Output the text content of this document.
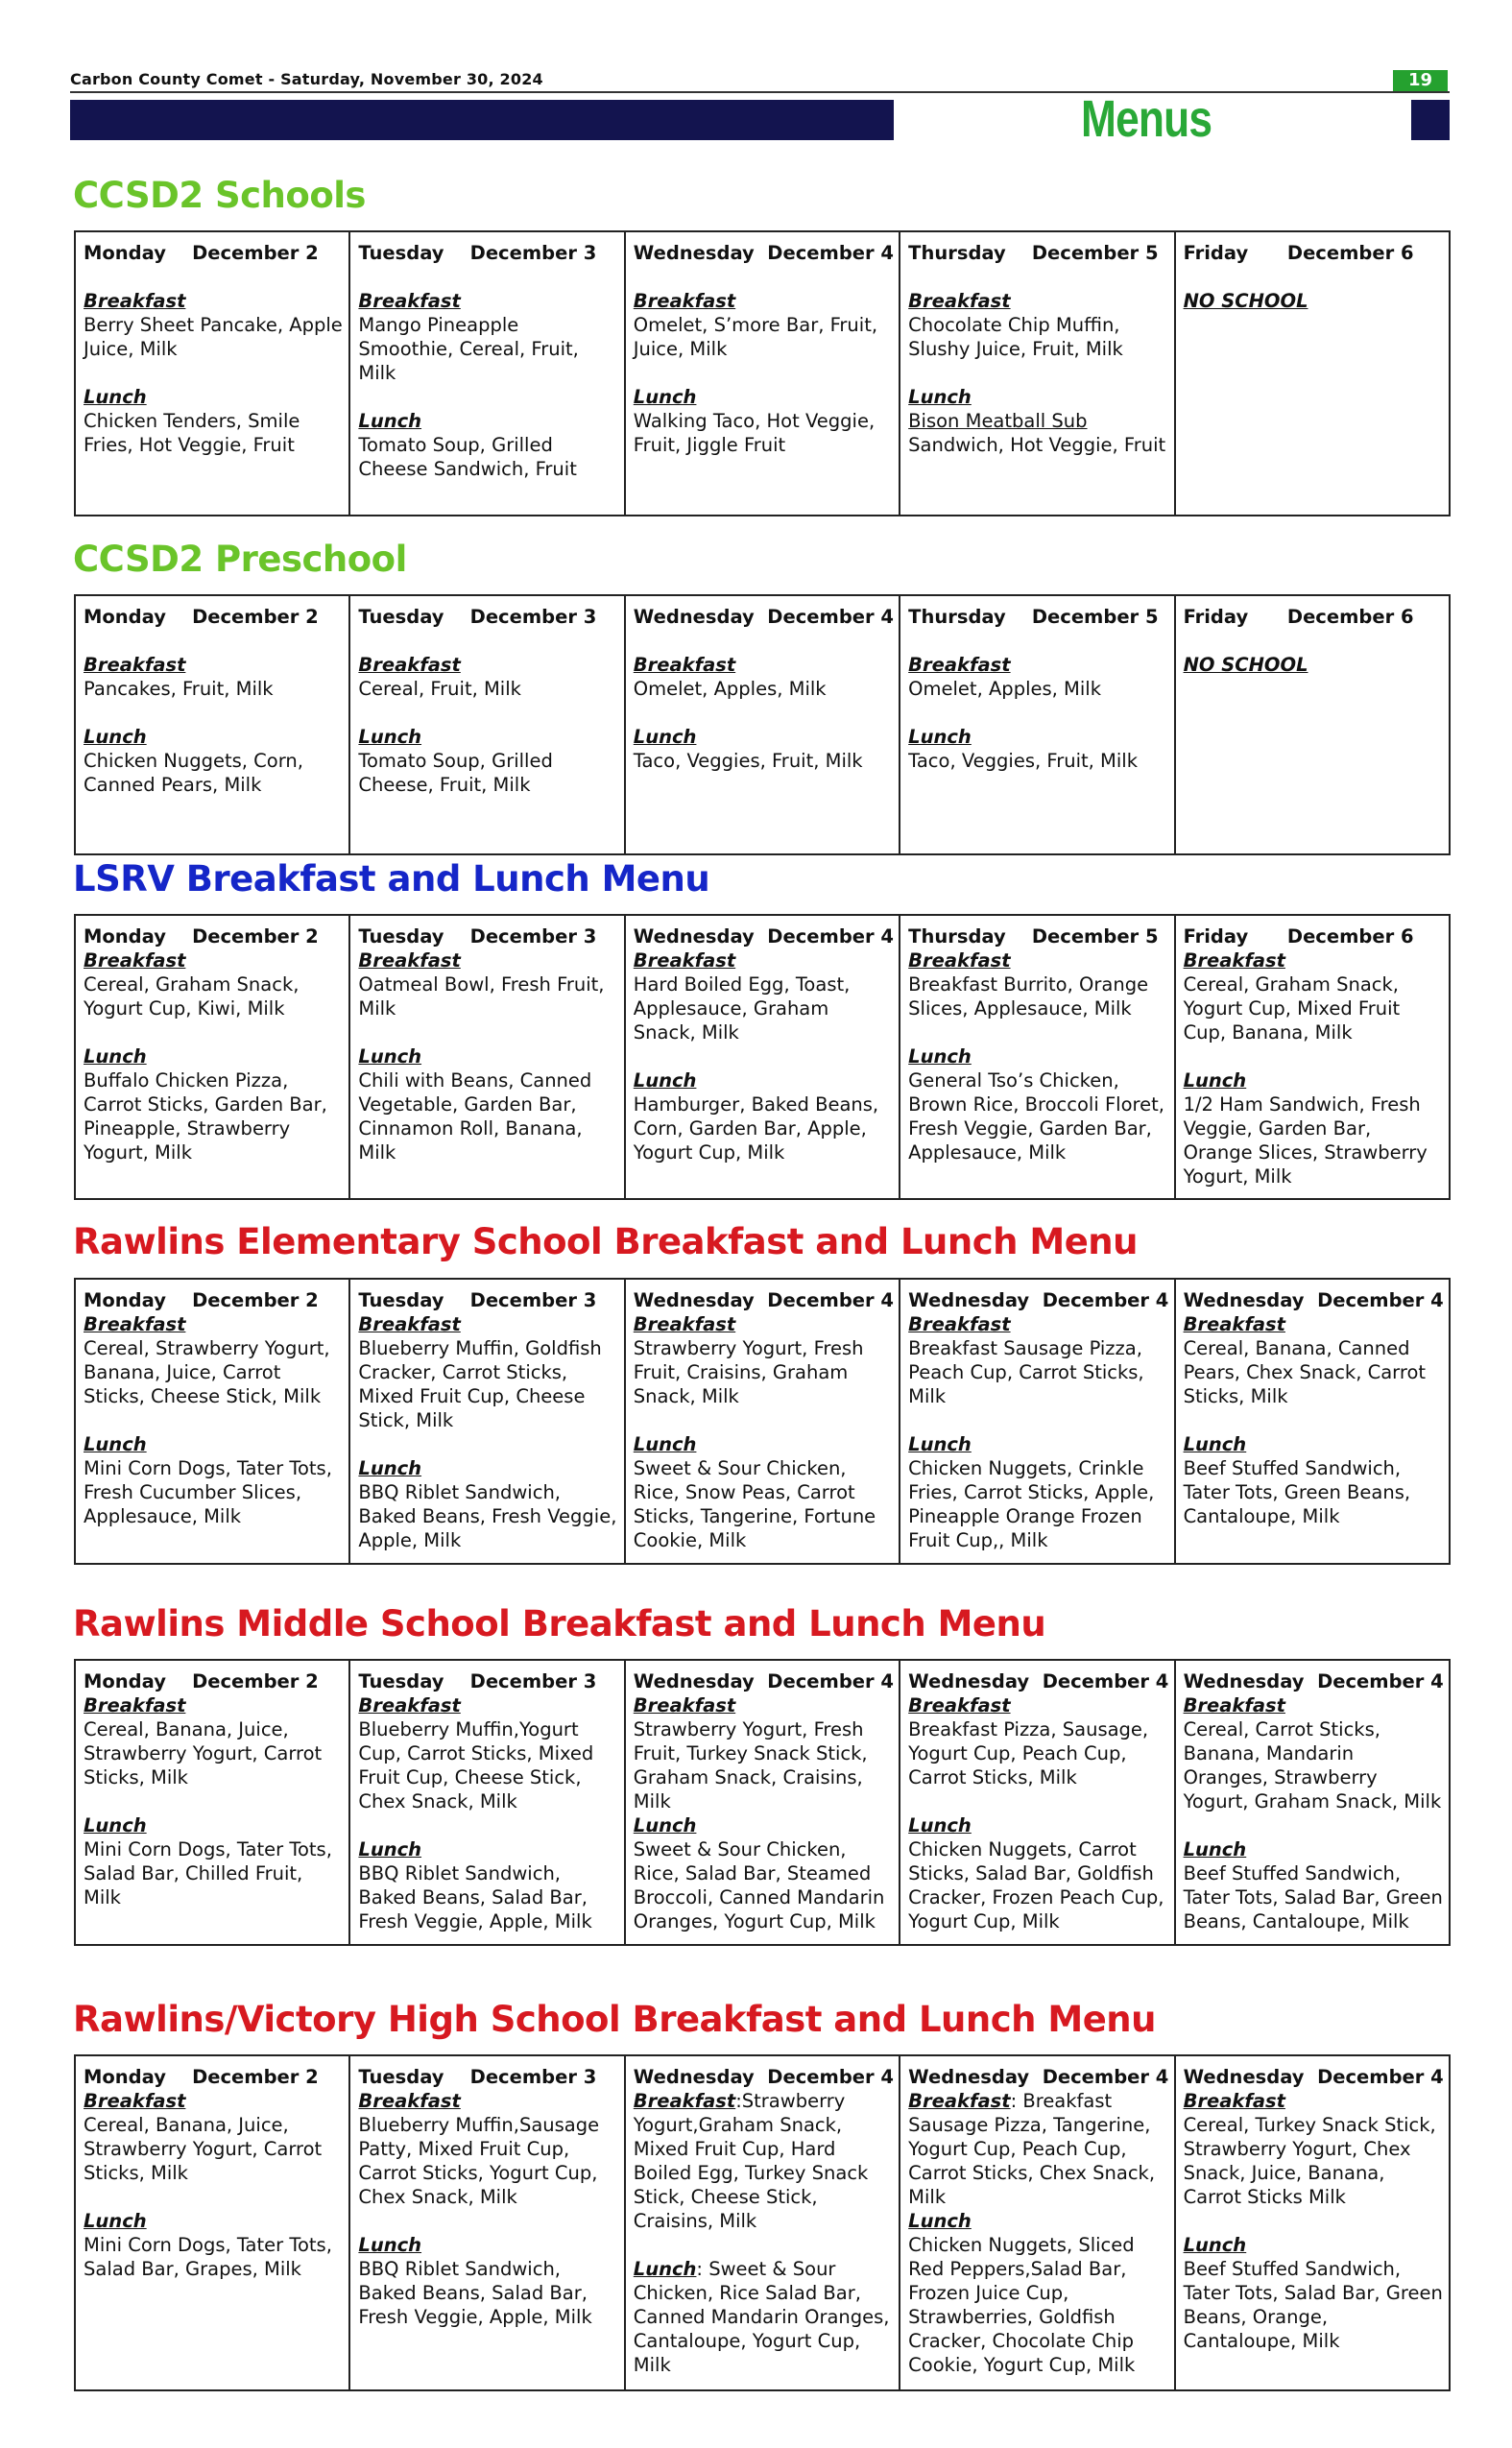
Carbon County Comet - Saturday, November 30, 2024	19
Menus
CCSD2 Schools
Monday    December 2
Breakfast
Berry Sheet Pancake, Apple Juice, Milk
Lunch
Chicken Tenders, Smile Fries, Hot Veggie, Fruit

Tuesday    December 3
Breakfast
Mango Pineapple Smoothie, Cereal, Fruit, Milk
Lunch
Tomato Soup, Grilled Cheese Sandwich, Fruit

Wednesday  December 4
Breakfast
Omelet, S’more Bar, Fruit, Juice, Milk
Lunch
Walking Taco, Hot Veggie, Fruit, Jiggle Fruit

Thursday    December 5
Breakfast
Chocolate Chip Muffin, Slushy Juice, Fruit, Milk
Lunch
Bison Meatball Sub
Sandwich, Hot Veggie, Fruit

Friday      December 6
NO SCHOOL
CCSD2 Preschool
Monday    December 2
Breakfast
Pancakes, Fruit, Milk
Lunch
Chicken Nuggets, Corn, Canned Pears, Milk

Tuesday    December 3
Breakfast
Cereal, Fruit, Milk
Lunch
Tomato Soup, Grilled Cheese, Fruit, Milk

Wednesday  December 4
Breakfast
Omelet, Apples, Milk
Lunch
Taco, Veggies, Fruit, Milk

Thursday    December 5
Breakfast
Omelet, Apples, Milk
Lunch
Taco, Veggies, Fruit, Milk

Friday      December 6
NO SCHOOL
LSRV Breakfast and Lunch Menu
Monday    December 2
Breakfast
Cereal, Graham Snack, Yogurt Cup, Kiwi, Milk
Lunch
Buffalo Chicken Pizza, Carrot Sticks, Garden Bar, Pineapple, Strawberry Yogurt, Milk

Tuesday    December 3
Breakfast
Oatmeal Bowl, Fresh Fruit, Milk
Lunch
Chili with Beans, Canned Vegetable, Garden Bar, Cinnamon Roll, Banana, Milk

Wednesday  December 4
Breakfast
Hard Boiled Egg, Toast, Applesauce, Graham Snack, Milk
Lunch
Hamburger, Baked Beans, Corn, Garden Bar, Apple, Yogurt Cup, Milk

Thursday    December 5
Breakfast
Breakfast Burrito, Orange Slices, Applesauce, Milk
Lunch
General Tso’s Chicken, Brown Rice, Broccoli Floret, Fresh Veggie, Garden Bar, Applesauce, Milk

Friday      December 6
Breakfast
Cereal, Graham Snack, Yogurt Cup, Mixed Fruit Cup, Banana, Milk
Lunch
1/2 Ham Sandwich, Fresh Veggie, Garden Bar, Orange Slices, Strawberry Yogurt, Milk
Rawlins Elementary School Breakfast and Lunch Menu
Monday    December 2
Breakfast
Cereal, Strawberry Yogurt, Banana, Juice, Carrot Sticks, Cheese Stick, Milk
Lunch
Mini Corn Dogs, Tater Tots, Fresh Cucumber Slices, Applesauce, Milk

Tuesday    December 3
Breakfast
Blueberry Muffin, Goldfish Cracker, Carrot Sticks, Mixed Fruit Cup, Cheese Stick, Milk
Lunch
BBQ Riblet Sandwich, Baked Beans, Fresh Veggie, Apple, Milk

Wednesday  December 4
Breakfast
Strawberry Yogurt, Fresh Fruit, Craisins, Graham Snack, Milk
Lunch
Sweet & Sour Chicken, Rice, Snow Peas, Carrot Sticks, Tangerine, Fortune Cookie, Milk

Wednesday  December 4
Breakfast
Breakfast Sausage Pizza, Peach Cup, Carrot Sticks, Milk
Lunch
Chicken Nuggets, Crinkle Fries, Carrot Sticks, Apple, Pineapple Orange Frozen Fruit Cup,, Milk

Wednesday  December 4
Breakfast
Cereal, Banana, Canned Pears, Chex Snack, Carrot Sticks, Milk
Lunch
Beef Stuffed Sandwich, Tater Tots, Green Beans, Cantaloupe, Milk
Rawlins Middle School Breakfast and Lunch Menu
Monday    December 2
Breakfast
Cereal, Banana, Juice, Strawberry Yogurt, Carrot Sticks, Milk
Lunch
Mini Corn Dogs, Tater Tots, Salad Bar, Chilled Fruit, Milk

Tuesday    December 3
Breakfast
Blueberry Muffin,Yogurt Cup, Carrot Sticks, Mixed Fruit Cup, Cheese Stick, Chex Snack, Milk
Lunch
BBQ Riblet Sandwich, Baked Beans, Salad Bar, Fresh Veggie, Apple, Milk

Wednesday  December 4
Breakfast
Strawberry Yogurt, Fresh Fruit, Turkey Snack Stick, Graham Snack, Craisins, Milk
Lunch
Sweet & Sour Chicken, Rice, Salad Bar, Steamed Broccoli, Canned Mandarin Oranges, Yogurt Cup, Milk

Wednesday  December 4
Breakfast
Breakfast Pizza, Sausage, Yogurt Cup, Peach Cup, Carrot Sticks, Milk
Lunch
Chicken Nuggets, Carrot Sticks, Salad Bar, Goldfish Cracker, Frozen Peach Cup, Yogurt Cup, Milk

Wednesday  December 4
Breakfast
Cereal, Carrot Sticks, Banana, Mandarin Oranges, Strawberry Yogurt, Graham Snack, Milk
Lunch
Beef Stuffed Sandwich, Tater Tots, Salad Bar, Green Beans, Cantaloupe, Milk
Rawlins/Victory High School Breakfast and Lunch Menu
Monday    December 2
Breakfast
Cereal, Banana, Juice, Strawberry Yogurt, Carrot Sticks, Milk
Lunch
Mini Corn Dogs, Tater Tots, Salad Bar, Grapes, Milk

Tuesday    December 3
Breakfast
Blueberry Muffin,Sausage Patty, Mixed Fruit Cup, Carrot Sticks, Yogurt Cup, Chex Snack, Milk
Lunch
BBQ Riblet Sandwich, Baked Beans, Salad Bar, Fresh Veggie, Apple, Milk

Wednesday  December 4
Breakfast:Strawberry Yogurt,Graham Snack, Mixed Fruit Cup, Hard Boiled Egg, Turkey Snack Stick, Cheese Stick, Craisins, Milk
Lunch: Sweet & Sour Chicken, Rice Salad Bar, Canned Mandarin Oranges, Cantaloupe, Yogurt Cup, Milk

Wednesday  December 4
Breakfast: Breakfast Sausage Pizza, Tangerine, Yogurt Cup, Peach Cup, Carrot Sticks, Chex Snack, Milk
Lunch
Chicken Nuggets, Sliced Red Peppers,Salad Bar, Frozen Juice Cup, Strawberries, Goldfish Cracker, Chocolate Chip Cookie, Yogurt Cup, Milk

Wednesday  December 4
Breakfast
Cereal, Turkey Snack Stick, Strawberry Yogurt, Chex Snack, Juice, Banana, Carrot Sticks Milk
Lunch
Beef Stuffed Sandwich, Tater Tots, Salad Bar, Green Beans, Orange, Cantaloupe, Milk
